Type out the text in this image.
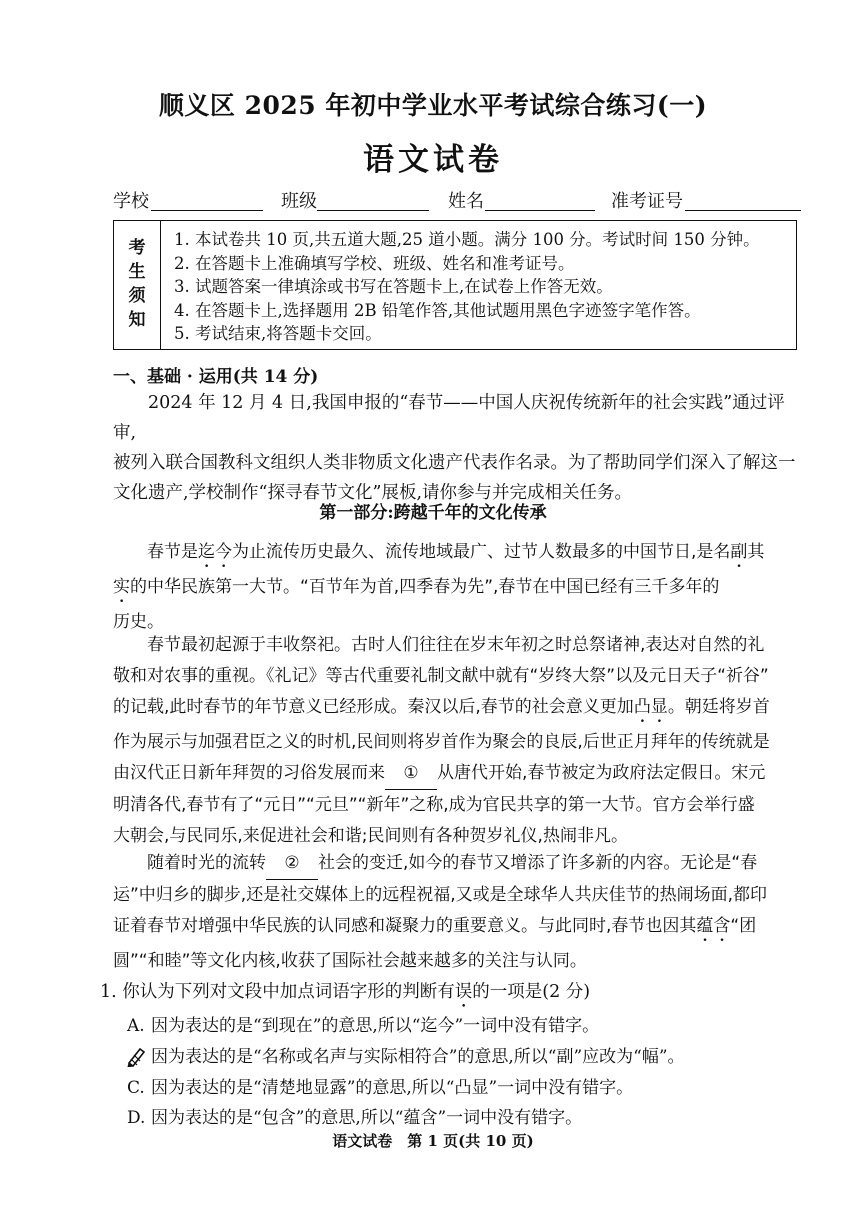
顺义区 2025 年初中学业水平考试综合练习(一)
语文试卷
学校	班级	姓名	准考证号
考
生
须
知
1. 本试卷共 10 页,共五道大题,25 道小题。满分 100 分。考试时间 150 分钟。
2. 在答题卡上准确填写学校、班级、姓名和准考证号。
3. 试题答案一律填涂或书写在答题卡上,在试卷上作答无效。
4. 在答题卡上,选择题用 2B 铅笔作答,其他试题用黑色字迹签字笔作答。
5. 考试结束,将答题卡交回。
一、基础 · 运用(共 14 分)
2024 年 12 月 4 日,我国申报的“春节——中国人庆祝传统新年的社会实践”通过评审,
被列入联合国教科文组织人类非物质文化遗产代表作名录。为了帮助同学们深入了解这一
文化遗产,学校制作“探寻春节文化”展板,请你参与并完成相关任务。
第一部分:跨越千年的文化传承
春节是迄今为止流传历史最久、流传地域最广、过节人数最多的中国节日,是名副其
实的中华民族第一大节。“百节年为首,四季春为先”,春节在中国已经有三千多年的
历史。
春节最初起源于丰收祭祀。古时人们往往在岁末年初之时总祭诸神,表达对自然的礼
敬和对农事的重视。《礼记》等古代重要礼制文献中就有“岁终大祭”以及元日天子“祈谷”
的记载,此时春节的年节意义已经形成。秦汉以后,春节的社会意义更加凸显。朝廷将岁首
作为展示与加强君臣之义的时机,民间则将岁首作为聚会的良辰,后世正月拜年的传统就是
由汉代正日新年拜贺的习俗发展而来 ① 从唐代开始,春节被定为政府法定假日。宋元
明清各代,春节有了“元日”“元旦”“新年”之称,成为官民共享的第一大节。官方会举行盛
大朝会,与民同乐,来促进社会和谐;民间则有各种贺岁礼仪,热闹非凡。
随着时光的流转 ② 社会的变迁,如今的春节又增添了许多新的内容。无论是“春
运”中归乡的脚步,还是社交媒体上的远程祝福,又或是全球华人共庆佳节的热闹场面,都印
证着春节对增强中华民族的认同感和凝聚力的重要意义。与此同时,春节也因其蕴含“团
圆”“和睦”等文化内核,收获了国际社会越来越多的关注与认同。
1. 你认为下列对文段中加点词语字形的判断有误的一项是(2 分)
A. 因为表达的是“到现在”的意思,所以“迄今”一词中没有错字。
因为表达的是“名称或名声与实际相符合”的意思,所以“副”应改为“幅”。
C. 因为表达的是“清楚地显露”的意思,所以“凸显”一词中没有错字。
D. 因为表达的是“包含”的意思,所以“蕴含”一词中没有错字。
语文试卷　第 1 页(共 10 页)
